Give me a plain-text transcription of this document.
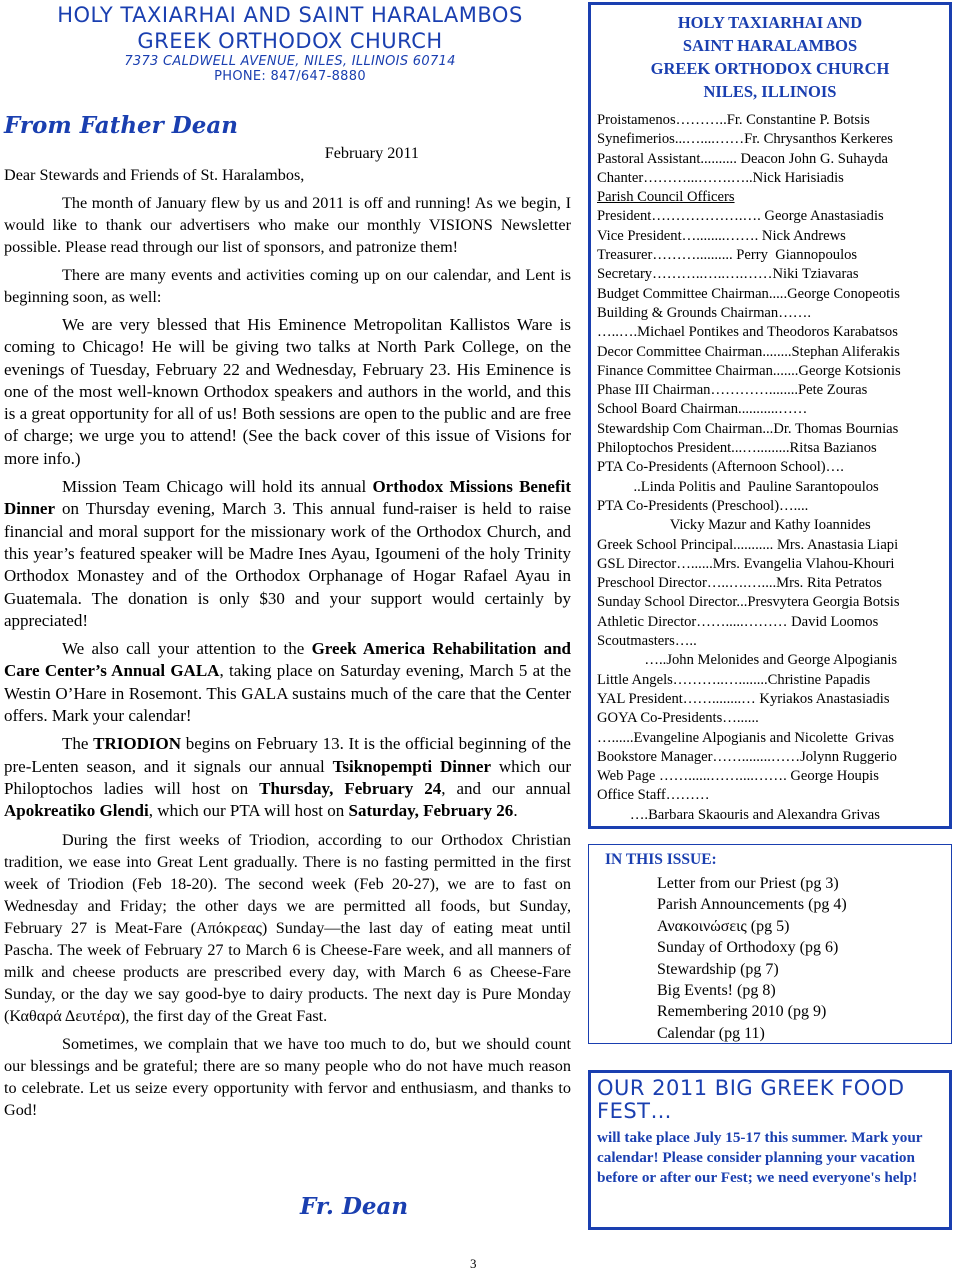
HOLY TAXIARHAI AND SAINT HARALAMBOS
GREEK ORTHODOX CHURCH
7373 CALDWELL AVENUE, NILES, ILLINOIS 60714
PHONE: 847/647-8880
From Father Dean

February 2011

Dear Stewards and Friends of St. Haralambos,

The month of January flew by us and 2011 is off and running! As we begin, I would like to thank our advertisers who make our monthly VISIONS Newsletter possible. Please read through our list of sponsors, and patronize them!

There are many events and activities coming up on our calendar, and Lent is beginning soon, as well:

We are very blessed that His Eminence Metropolitan Kallistos Ware is coming to Chicago! He will be giving two talks at North Park College, on the evenings of Tuesday, February 22 and Wednesday, February 23. His Eminence is one of the most well-known Orthodox speakers and authors in the world, and this is a great opportunity for all of us! Both sessions are open to the public and are free of charge; we urge you to attend! (See the back cover of this issue of Visions for more info.)

Mission Team Chicago will hold its annual Orthodox Missions Benefit Dinner on Thursday evening, March 3. This annual fund-raiser is held to raise financial and moral support for the missionary work of the Orthodox Church, and this year’s featured speaker will be Madre Ines Ayau, Igoumeni of the holy Trinity Orthodox Monastey and of the Orthodox Orphanage of Hogar Rafael Ayau in Guatemala. The donation is only $30 and your support would certainly by appreciated!

We also call your attention to the Greek America Rehabilitation and Care Center’s Annual GALA, taking place on Saturday evening, March 5 at the Westin O’Hare in Rosemont. This GALA sustains much of the care that the Center offers. Mark your calendar!

The TRIODION begins on February 13. It is the official beginning of the pre-Lenten season, and it signals our annual Tsiknopempti Dinner which our Philoptochos ladies will host on Thursday, February 24, and our annual Apokreatiko Glendi, which our PTA will host on Saturday, February 26.

During the first weeks of Triodion, according to our Orthodox Christian tradition, we ease into Great Lent gradually. There is no fasting permitted in the first week of Triodion (Feb 18-20). The second week (Feb 20-27), we are to fast on Wednesday and Friday; the other days we are permitted all foods, but Sunday, February 27 is Meat-Fare (Απόκρεας) Sunday—the last day of eating meat until Pascha. The week of February 27 to March 6 is Cheese-Fare week, and all manners of milk and cheese products are prescribed every day, with March 6 as Cheese-Fare Sunday, or the day we say good-bye to dairy products. The next day is Pure Monday (Καθαρά Δευτέρα), the first day of the Great Fast.

Sometimes, we complain that we have too much to do, but we should count our blessings and be grateful; there are so many people who do not have much reason to celebrate. Let us seize every opportunity with fervor and enthusiasm, and thanks to God!

Fr. Dean
3
HOLY TAXIARHAI AND
SAINT HARALAMBOS
GREEK ORTHODOX CHURCH
NILES, ILLINOIS
Proistamenos………..Fr. Constantine P. Botsis
Synefimerios...…....……Fr. Chrysanthos Kerkeres
Pastoral Assistant.......... Deacon John G. Suhayda
Chanter………...…….…..Nick Harisiadis
Parish Council Officers
President……………….…. George Anastasiadis
Vice President…........……. Nick Andrews
Treasurer……….......... Perry  Giannopoulos
Secretary………..…..….……Niki Tziavaras
Budget Committee Chairman.....George Conopeotis
Building & Grounds Chairman…….
…..….Michael Pontikes and Theodoros Karabatsos
Decor Committee Chairman........Stephan Aliferakis
Finance Committee Chairman.......George Kotsionis
Phase III Chairman…………........Pete Zouras
School Board Chairman...........……
Stewardship Com Chairman...Dr. Thomas Bournias
Philoptochos President...….........Ritsa Bazianos
PTA Co-Presidents (Afternoon School)….
..Linda Politis and  Pauline Sarantopoulos
PTA Co-Presidents (Preschool)…....
Vicky Mazur and Kathy Ioannides
Greek School Principal........... Mrs. Anastasia Liapi
GSL Director…......Mrs. Evangelia Vlahou-Khouri
Preschool Director…..….…....Mrs. Rita Petratos
Sunday School Director...Presvytera Georgia Botsis
Athletic Director…….....……… David Loomos
Scoutmasters…..
…..John Melonides and George Alpogianis
Little Angels………..…........Christine Papadis
YAL President……........… Kyriakos Anastasiadis
GOYA Co-Presidents…......
…......Evangeline Alpogianis and Nicolette  Grivas
Bookstore Manager……........……Jolynn Ruggerio
Web Page ……......……....……. George Houpis
Office Staff………
….Barbara Skaouris and Alexandra Grivas
IN THIS ISSUE:
Letter from our Priest (pg 3)
Parish Announcements (pg 4)
Ανακοινώσεις (pg 5)
Sunday of Orthodoxy (pg 6)
Stewardship (pg 7)
Big Events! (pg 8)
Remembering 2010 (pg 9)
Calendar (pg 11)
OUR 2011 BIG GREEK FOOD FEST…
will take place July 15-17 this summer. Mark your calendar! Please consider planning your vacation before or after our Fest; we need everyone's help!
